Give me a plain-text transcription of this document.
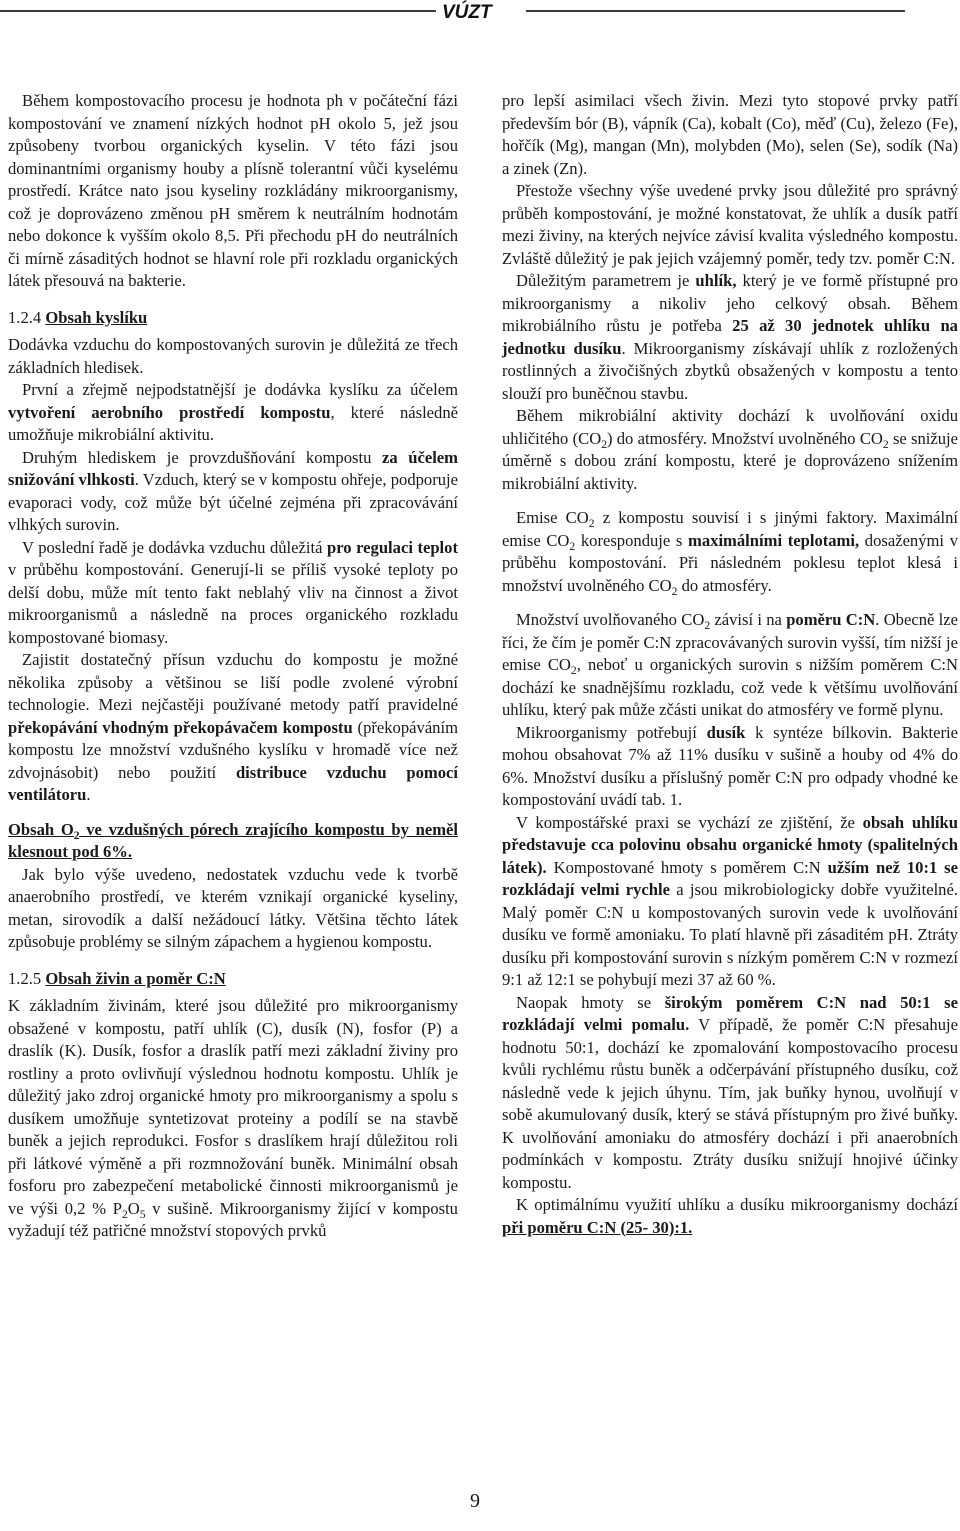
VÚZT

Během kompostovacího procesu je hodnota ph v počáteční fázi kompostování ve znamení nízkých hodnot pH okolo 5, jež jsou způsobeny tvorbou organických kyselin. V této fázi jsou dominantními organismy houby a plísně tolerantní vůči kyselému prostředí. Krátce nato jsou kyseliny rozkládány mikroorganismy, což je doprovázeno změnou pH směrem k neutrálním hodnotám nebo dokonce k vyšším okolo 8,5. Při přechodu pH do neutrálních či mírně zásaditých hodnot se hlavní role při rozkladu organických látek přesouvá na bakterie.

1.2.4 Obsah kyslíku

Dodávka vzduchu do kompostovaných surovin je důležitá ze třech základních hledisek.

První a zřejmě nejpodstatnější je dodávka kyslíku za účelem vytvoření aerobního prostředí kompostu, které následně umožňuje mikrobiální aktivitu.

Druhým hlediskem je provzdušňování kompostu za účelem snižování vlhkosti. Vzduch, který se v kompostu ohřeje, podporuje evaporaci vody, což může být účelné zejména při zpracovávání vlhkých surovin.

V poslední řadě je dodávka vzduchu důležitá pro regulaci teplot v průběhu kompostování. Generují-li se příliš vysoké teploty po delší dobu, může mít tento fakt neblahý vliv na činnost a život mikroorganismů a následně na proces organického rozkladu kompostované biomasy.

Zajistit dostatečný přísun vzduchu do kompostu je možné několika způsoby a většinou se liší podle zvolené výrobní technologie. Mezi nejčastěji používané metody patří pravidelné překopávání vhodným překopávačem kompostu (překopáváním kompostu lze množství vzdušného kyslíku v hromadě více než zdvojnásobit) nebo použití distribuce vzduchu pomocí ventilátoru.

Obsah $O_2$ ve vzdušných pórech zrajícího kompostu by neměl klesnout pod 6%.

Jak bylo výše uvedeno, nedostatek vzduchu vede k tvorbě anaerobního prostředí, ve kterém vznikají organické kyseliny, metan, sirovodík a další nežádoucí látky. Většina těchto látek způsobuje problémy se silným zápachem a hygienou kompostu.

1.2.5 Obsah živin a poměr C:N

K základním živinám, které jsou důležité pro mikroorganismy obsažené v kompostu, patří uhlík (C), dusík (N), fosfor (P) a draslík (K). Dusík, fosfor a draslík patří mezi základní živiny pro rostliny a proto ovlivňují výslednou hodnotu kompostu. Uhlík je důležitý jako zdroj organické hmoty pro mikroorganismy a spolu s dusíkem umožňuje syntetizovat proteiny a podílí se na stavbě buněk a jejich reprodukci. Fosfor s draslíkem hrají důležitou roli při látkové výměně a při rozmnožování buněk. Minimální obsah fosforu pro zabezpečení metabolické činnosti mikroorganismů je ve výši 0,2 % $P_2O_5$ v sušině. Mikroorganismy žijící v kompostu vyžadují též patřičné množství stopových prvků

pro lepší asimilaci všech živin. Mezi tyto stopové prvky patří především bór (B), vápník (Ca), kobalt (Co), měď (Cu), železo (Fe), hořčík (Mg), mangan (Mn), molybden (Mo), selen (Se), sodík (Na) a zinek (Zn).

Přestože všechny výše uvedené prvky jsou důležité pro správný průběh kompostování, je možné konstatovat, že uhlík a dusík patří mezi živiny, na kterých nejvíce závisí kvalita výsledného kompostu. Zvláště důležitý je pak jejich vzájemný poměr, tedy tzv. poměr C:N.

Důležitým parametrem je uhlík, který je ve formě přístupné pro mikroorganismy a nikoliv jeho celkový obsah. Během mikrobiálního růstu je potřeba 25 až 30 jednotek uhlíku na jednotku dusíku. Mikroorganismy získávají uhlík z rozložených rostlinných a živočišných zbytků obsažených v kompostu a tento slouží pro buněčnou stavbu.

Během mikrobiální aktivity dochází k uvolňování oxidu uhličitého $(CO_2)$ do atmosféry. Množství uvolněného $CO_2$ se snižuje úměrně s dobou zrání kompostu, které je doprovázeno snížením mikrobiální aktivity.

Emise $CO_2$ z kompostu souvisí i s jinými faktory. Maximální emise $CO_2$ koresponduje s maximálními teplotami, dosaženými v průběhu kompostování. Při následném poklesu teplot klesá i množství uvolněného $CO_2$ do atmosféry.

Množství uvolňovaného $CO_2$ závisí i na poměru C:N. Obecně lze říci, že čím je poměr C:N zpracovávaných surovin vyšší, tím nižší je emise $CO_2$, neboť u organických surovin s nižším poměrem C:N dochází ke snadnějšímu rozkladu, což vede k většímu uvolňování uhlíku, který pak může zčásti unikat do atmosféry ve formě plynu.

Mikroorganismy potřebují dusík k syntéze bílkovin. Bakterie mohou obsahovat 7% až 11% dusíku v sušině a houby od 4% do 6%. Množství dusíku a příslušný poměr C:N pro odpady vhodné ke kompostování uvádí tab. 1.

V kompostářské praxi se vychází ze zjištění, že obsah uhlíku představuje cca polovinu obsahu organické hmoty (spalitelných látek). Kompostované hmoty s poměrem C:N užším než 10:1 se rozkládají velmi rychle a jsou mikrobiologicky dobře využitelné. Malý poměr C:N u kompostovaných surovin vede k uvolňování dusíku ve formě amoniaku. To platí hlavně při zásaditém pH. Ztráty dusíku při kompostování surovin s nízkým poměrem C:N v rozmezí 9:1 až 12:1 se pohybují mezi 37 až 60 %.

Naopak hmoty se širokým poměrem C:N nad 50:1 se rozkládají velmi pomalu. V případě, že poměr C:N přesahuje hodnotu 50:1, dochází ke zpomalování kompostovacího procesu kvůli rychlému růstu buněk a odčerpávání přístupného dusíku, což následně vede k jejich úhynu. Tím, jak buňky hynou, uvolňují v sobě akumulovaný dusík, který se stává přístupným pro živé buňky. K uvolňování amoniaku do atmosféry dochází i při anaerobních podmínkách v kompostu. Ztráty dusíku snižují hnojivé účinky kompostu.

K optimálnímu využití uhlíku a dusíku mikroorganismy dochází při poměru C:N (25- 30):1.

9
